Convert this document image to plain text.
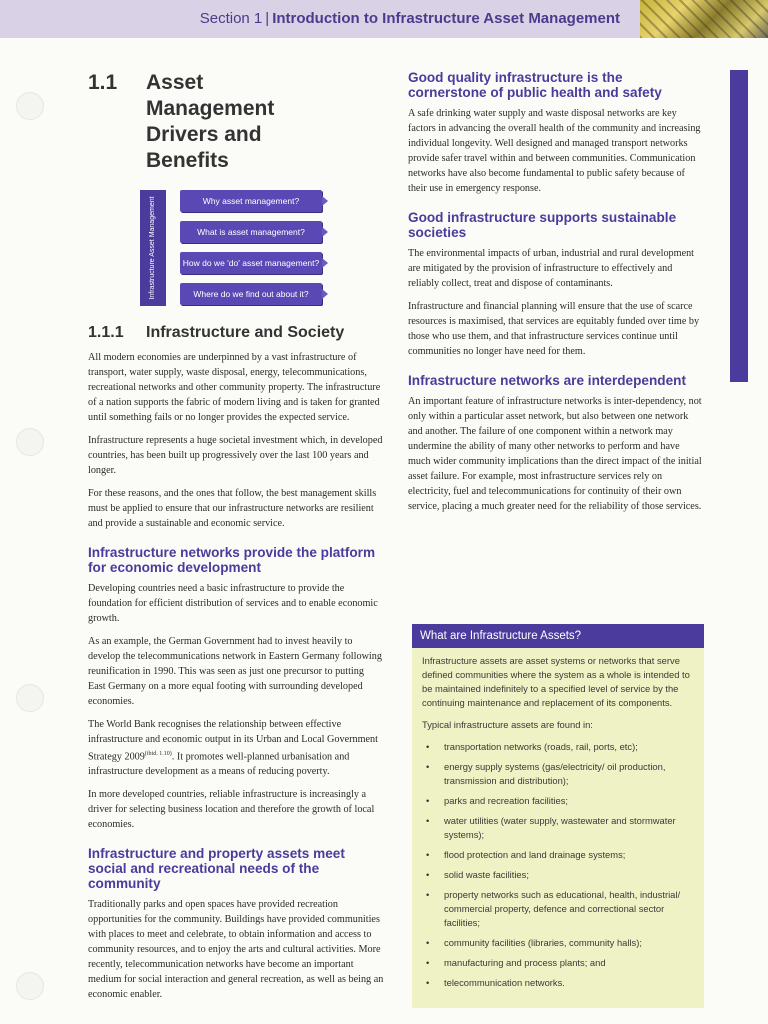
Section 1 | Introduction to Infrastructure Asset Management
1.1	Asset Management Drivers and Benefits
Infrastructure Asset Management	Why asset management?
What is asset management?
How do we 'do' asset management?
Where do we find out about it?
1.1.1	Infrastructure and Society

All modern economies are underpinned by a vast infrastructure of transport, water supply, waste disposal, energy, telecommunications, recreational networks and other community property. The infrastructure of a nation supports the fabric of modern living and is taken for granted until something fails or no longer provides the expected service.

Infrastructure represents a huge societal investment which, in developed countries, has been built up progressively over the last 100 years and longer.

For these reasons, and the ones that follow, the best management skills must be applied to ensure that our infrastructure networks are resilient and provide a sustainable and economic service.

Infrastructure networks provide the platform for economic development

Developing countries need a basic infrastructure to provide the foundation for efficient distribution of services and to enable economic growth.

As an example, the German Government had to invest heavily to develop the telecommunications network in Eastern Germany following reunification in 1990. This was seen as just one precursor to putting East Germany on a more equal footing with surrounding developed economies.

The World Bank recognises the relationship between effective infrastructure and economic output in its Urban and Local Government Strategy $2009^{(ibid. 1.10)}$. It promotes well-planned urbanisation and infrastructure development as a means of reducing poverty.

In more developed countries, reliable infrastructure is increasingly a driver for selecting business location and therefore the growth of local economies.

Infrastructure and property assets meet social and recreational needs of the community

Traditionally parks and open spaces have provided recreation opportunities for the community. Buildings have provided communities with places to meet and celebrate, to obtain information and access to community resources, and to enjoy the arts and cultural activities. More recently, telecommunication networks have become an important medium for social interaction and general recreation, as well as being an economic enabler.

Good quality infrastructure is the cornerstone of public health and safety

A safe drinking water supply and waste disposal networks are key factors in advancing the overall health of the community and increasing individual longevity. Well designed and managed transport networks provide safer travel within and between communities. Communication networks have also become fundamental to public safety because of their use in emergency response.

Good infrastructure supports sustainable societies

The environmental impacts of urban, industrial and rural development are mitigated by the provision of infrastructure to effectively and reliably collect, treat and dispose of contaminants.

Infrastructure and financial planning will ensure that the use of scarce resources is maximised, that services are equitably funded over time by those who use them, and that infrastructure services continue until communities no longer have need for them.

Infrastructure networks are interdependent

An important feature of infrastructure networks is inter-dependency, not only within a particular asset network, but also between one network and another. The failure of one component within a network may undermine the ability of many other networks to perform and have much wider community implications than the direct impact of the initial asset failure. For example, most infrastructure services rely on electricity, fuel and telecommunications for continuity of their own service, placing a much greater need for the reliability of those services.

What are Infrastructure Assets?

Infrastructure assets are asset systems or networks that serve defined communities where the system as a whole is intended to be maintained indefinitely to a specified level of service by the continuing maintenance and replacement of its components.

Typical infrastructure assets are found in:

• transportation networks (roads, rail, ports, etc);
• energy supply systems (gas/electricity/ oil production, transmission and distribution);
• parks and recreation facilities;
• water utilities (water supply, wastewater and stormwater systems);
• flood protection and land drainage systems;
• solid waste facilities;
• property networks such as educational, health, industrial/ commercial property, defence and correctional sector facilities;
• community facilities (libraries, community halls);
• manufacturing and process plants; and
• telecommunication networks.
